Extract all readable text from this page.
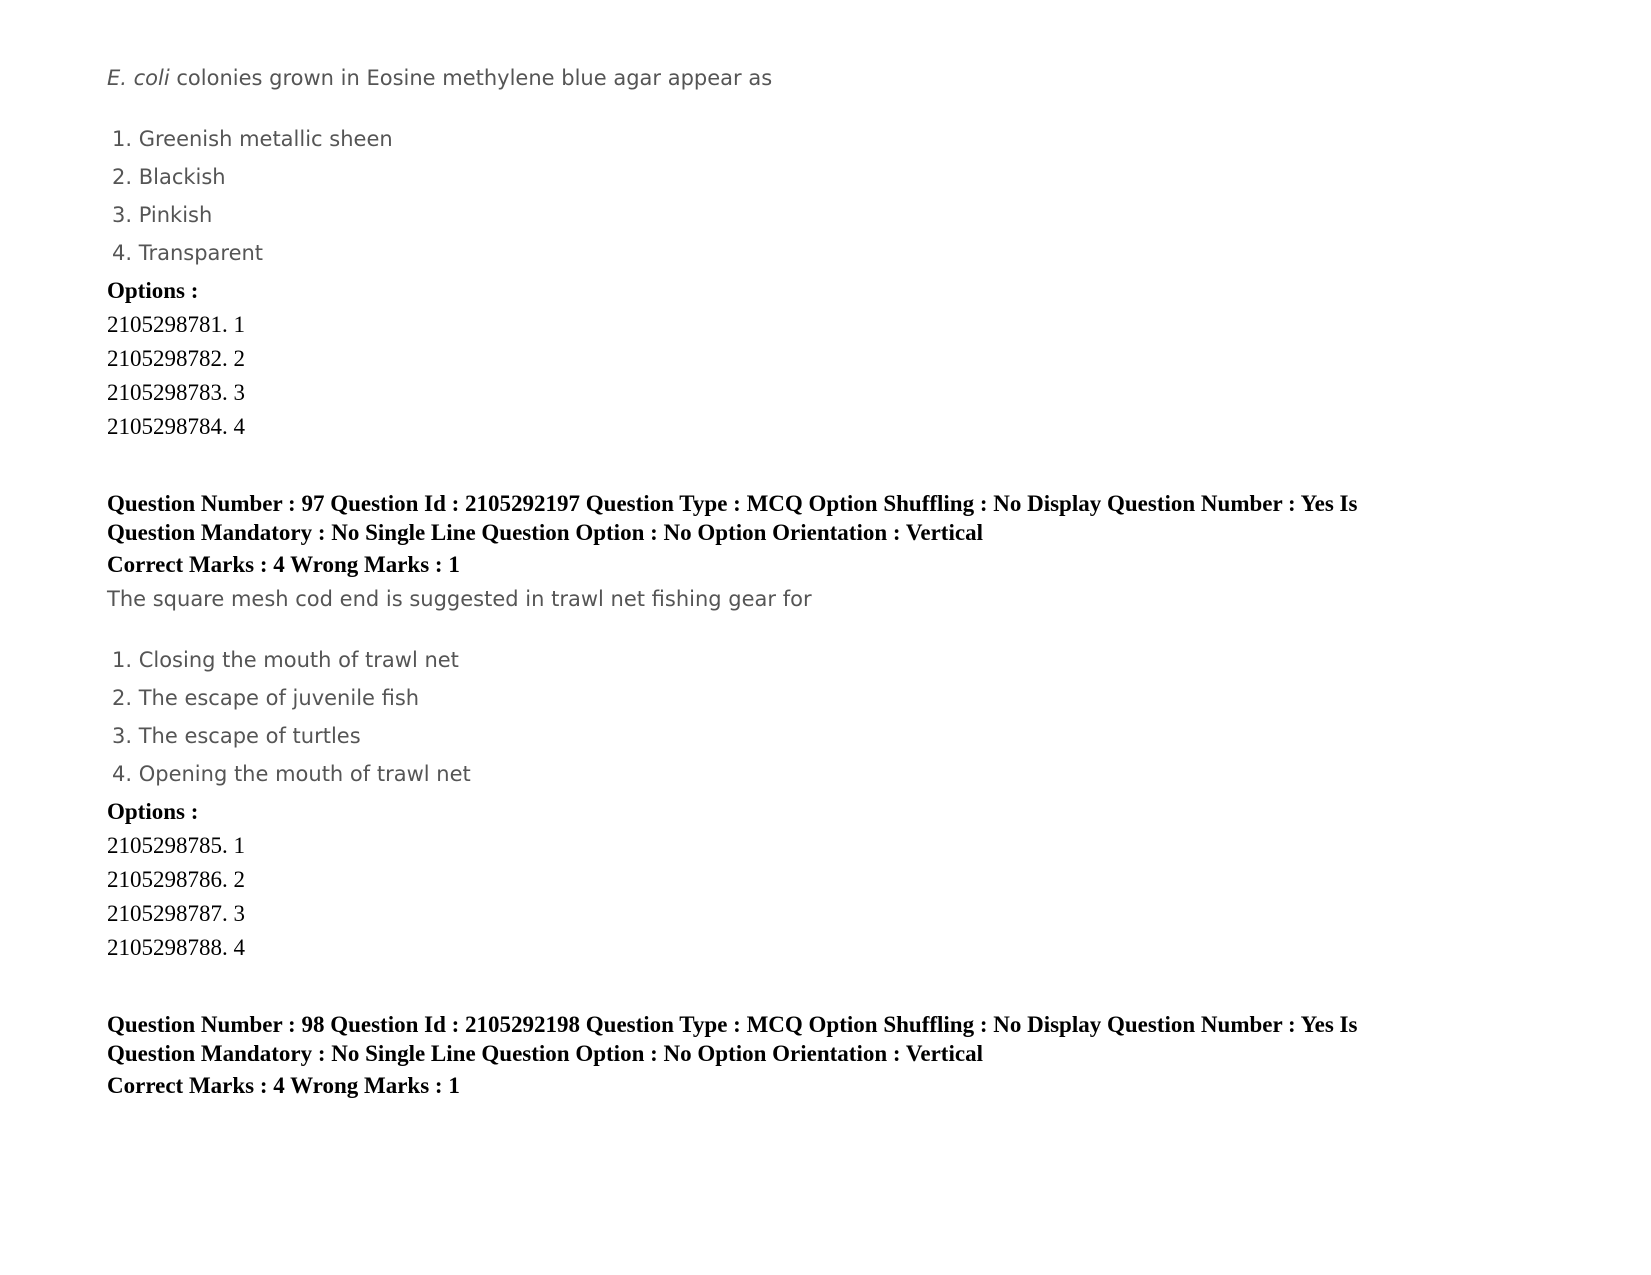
E. coli colonies grown in Eosine methylene blue agar appear as

1. Greenish metallic sheen
2. Blackish
3. Pinkish
4. Transparent
Options :
2105298781. 1
2105298782. 2
2105298783. 3
2105298784. 4
Question Number : 97 Question Id : 2105292197 Question Type : MCQ Option Shuffling : No Display Question Number : Yes Is
Question Mandatory : No Single Line Question Option : No Option Orientation : Vertical
Correct Marks : 4 Wrong Marks : 1

The square mesh cod end is suggested in trawl net fishing gear for

1. Closing the mouth of trawl net
2. The escape of juvenile fish
3. The escape of turtles
4. Opening the mouth of trawl net
Options :
2105298785. 1
2105298786. 2
2105298787. 3
2105298788. 4
Question Number : 98 Question Id : 2105292198 Question Type : MCQ Option Shuffling : No Display Question Number : Yes Is
Question Mandatory : No Single Line Question Option : No Option Orientation : Vertical
Correct Marks : 4 Wrong Marks : 1
